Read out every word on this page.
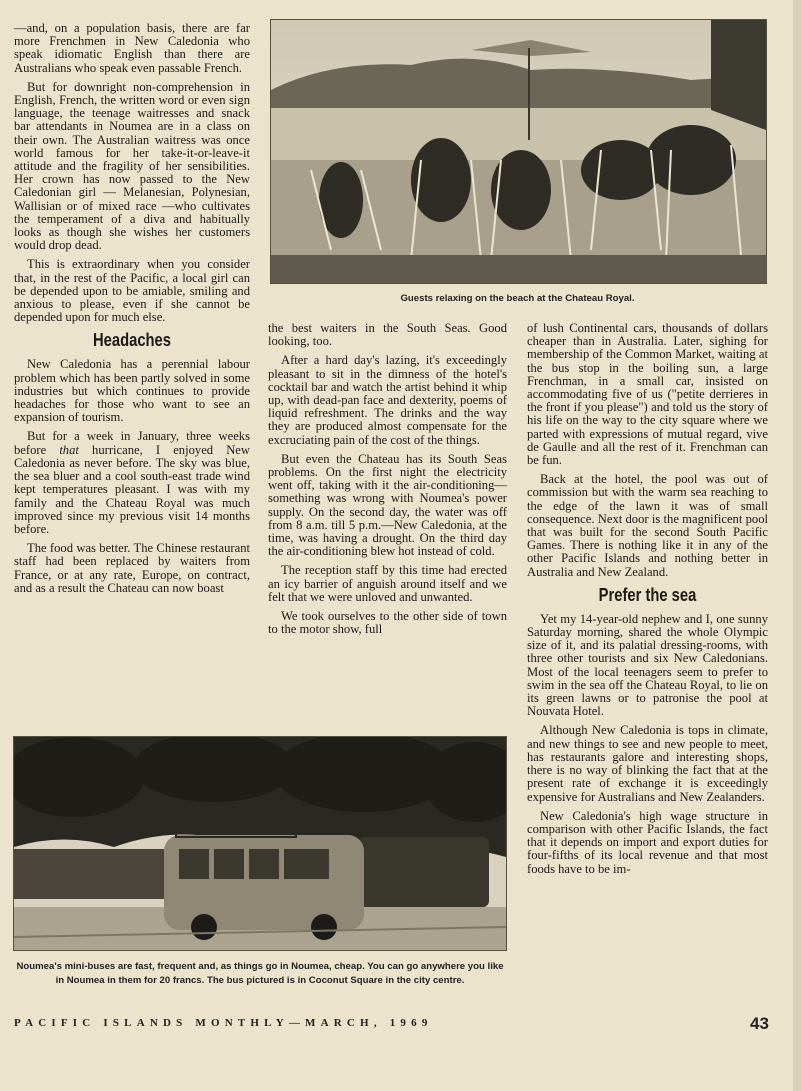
—and, on a population basis, there are far more Frenchmen in New Caledonia who speak idiomatic English than there are Australians who speak even passable French.

But for downright non-comprehension in English, French, the written word or even sign language, the teenage waitresses and snack bar attendants in Noumea are in a class on their own. The Australian waitress was once world famous for her take-it-or-leave-it attitude and the fragility of her sensibilities. Her crown has now passed to the New Caledonian girl — Melanesian, Polynesian, Wallisian or of mixed race —who cultivates the temperament of a diva and habitually looks as though she wishes her customers would drop dead.

This is extraordinary when you consider that, in the rest of the Pacific, a local girl can be depended upon to be amiable, smiling and anxious to please, even if she cannot be depended upon for much else.

Headaches

New Caledonia has a perennial labour problem which has been partly solved in some industries but which continues to provide headaches for those who want to see an expansion of tourism.

But for a week in January, three weeks before that hurricane, I enjoyed New Caledonia as never before. The sky was blue, the sea bluer and a cool south-east trade wind kept temperatures pleasant. I was with my family and the Chateau Royal was much improved since my previous visit 14 months before.

The food was better. The Chinese restaurant staff had been replaced by waiters from France, or at any rate, Europe, on contract, and as a result the Chateau can now boast

Guests relaxing on the beach at the Chateau Royal.

the best waiters in the South Seas. Good looking, too.

After a hard day's lazing, it's exceedingly pleasant to sit in the dimness of the hotel's cocktail bar and watch the artist behind it whip up, with dead-pan face and dexterity, poems of liquid refreshment. The drinks and the way they are produced almost compensate for the excruciating pain of the cost of the things.

But even the Chateau has its South Seas problems. On the first night the electricity went off, taking with it the air-conditioning—something was wrong with Noumea's power supply. On the second day, the water was off from 8 a.m. till 5 p.m.—New Caledonia, at the time, was having a drought. On the third day the air-conditioning blew hot instead of cold.

The reception staff by this time had erected an icy barrier of anguish around itself and we felt that we were unloved and unwanted.

We took ourselves to the other side of town to the motor show, full

of lush Continental cars, thousands of dollars cheaper than in Australia. Later, sighing for membership of the Common Market, waiting at the bus stop in the boiling sun, a large Frenchman, in a small car, insisted on accommodating five of us ("petite derrieres in the front if you please") and told us the story of his life on the way to the city square where we parted with expressions of mutual regard, vive de Gaulle and all the rest of it. Frenchman can be fun.

Back at the hotel, the pool was out of commission but with the warm sea reaching to the edge of the lawn it was of small consequence. Next door is the magnificent pool that was built for the second South Pacific Games. There is nothing like it in any of the other Pacific Islands and nothing better in Australia and New Zealand.

Prefer the sea

Yet my 14-year-old nephew and I, one sunny Saturday morning, shared the whole Olympic size of it, and its palatial dressing-rooms, with three other tourists and six New Caledonians. Most of the local teenagers seem to prefer to swim in the sea off the Chateau Royal, to lie on its green lawns or to patronise the pool at Nouvata Hotel.

Although New Caledonia is tops in climate, and new things to see and new people to meet, has restaurants galore and interesting shops, there is no way of blinking the fact that at the present rate of exchange it is exceedingly expensive for Australians and New Zealanders.

New Caledonia's high wage structure in comparison with other Pacific Islands, the fact that it depends on import and export duties for four-fifths of its local revenue and that most foods have to be im-

Noumea's mini-buses are fast, frequent and, as things go in Noumea, cheap. You can go anywhere you like in Noumea in them for 20 francs. The bus pictured is in Coconut Square in the city centre.
PACIFIC ISLANDS MONTHLY—MARCH, 1969	43
